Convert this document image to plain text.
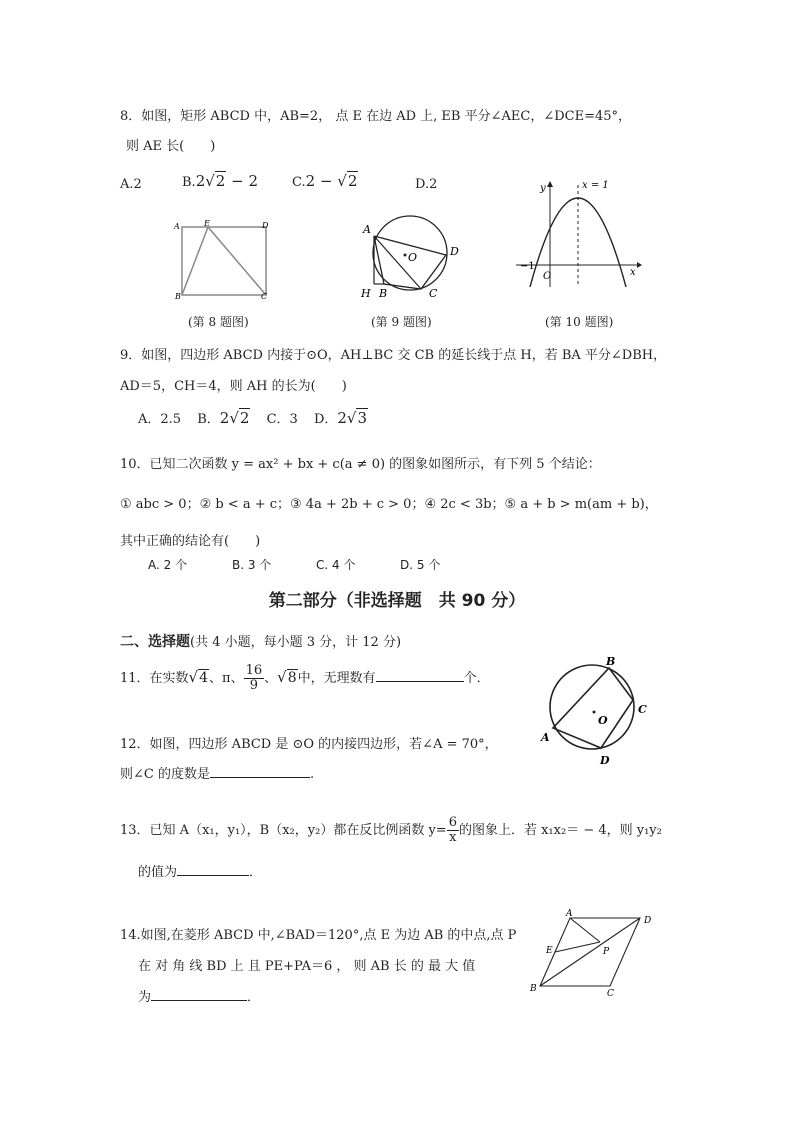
8．如图，矩形 ABCD 中，AB=2， 点 E 在边 AD 上, EB 平分∠AEC，∠DCE=45°，
则 AE 长(　　)
A.2	B.2√2 − 2	C.2 − √2	D.2
A	E	D
B	C
(第 8 题图)
A
O	D
H B	C
(第 9 题图)
y	x = 1
−1
O	x
(第 10 题图)
9．如图，四边形 ABCD 内接于⊙O，AH⊥BC 交 CB 的延长线于点 H，若 BA 平分∠DBH，
AD＝5，CH＝4，则 AH 的长为(　　)
A．2.5 B．2√2 C．3 D．2√3
10．已知二次函数 y = ax² + bx + c(a ≠ 0) 的图象如图所示，有下列 5 个结论：
① abc > 0；② b < a + c；③ 4a + 2b + c > 0；④ 2c < 3b；⑤ a + b > m(am + b)，
其中正确的结论有(　　)
A. 2 个	B. 3 个	C. 4 个	D. 5 个
第二部分（非选择题　共 90 分）
二、选择题(共 4 小题，每小题 3 分，计 12 分)
11．在实数√4、π、 $\frac{16}{9}$ 、√8中，无理数有	个．
B
C
O
A
D
12．如图，四边形 ABCD 是 ⊙O 的内接四边形，若∠A = 70°，
则∠C 的度数是	.
13．已知 A（x₁，y₁），B（x₂，y₂）都在反比例函数 $y= \frac{6}{x}$ 的图象上．若 x₁x₂＝ − 4，则 y₁y₂
的值为	．
14.如图,在菱形 ABCD 中,∠BAD＝120°,点 E 为边 AB 的中点,点 P
在 对 角 线 BD 上 且 PE+PA＝6 ， 则 AB 长 的 最 大 值
为	．
A
D
E	P
B	C
